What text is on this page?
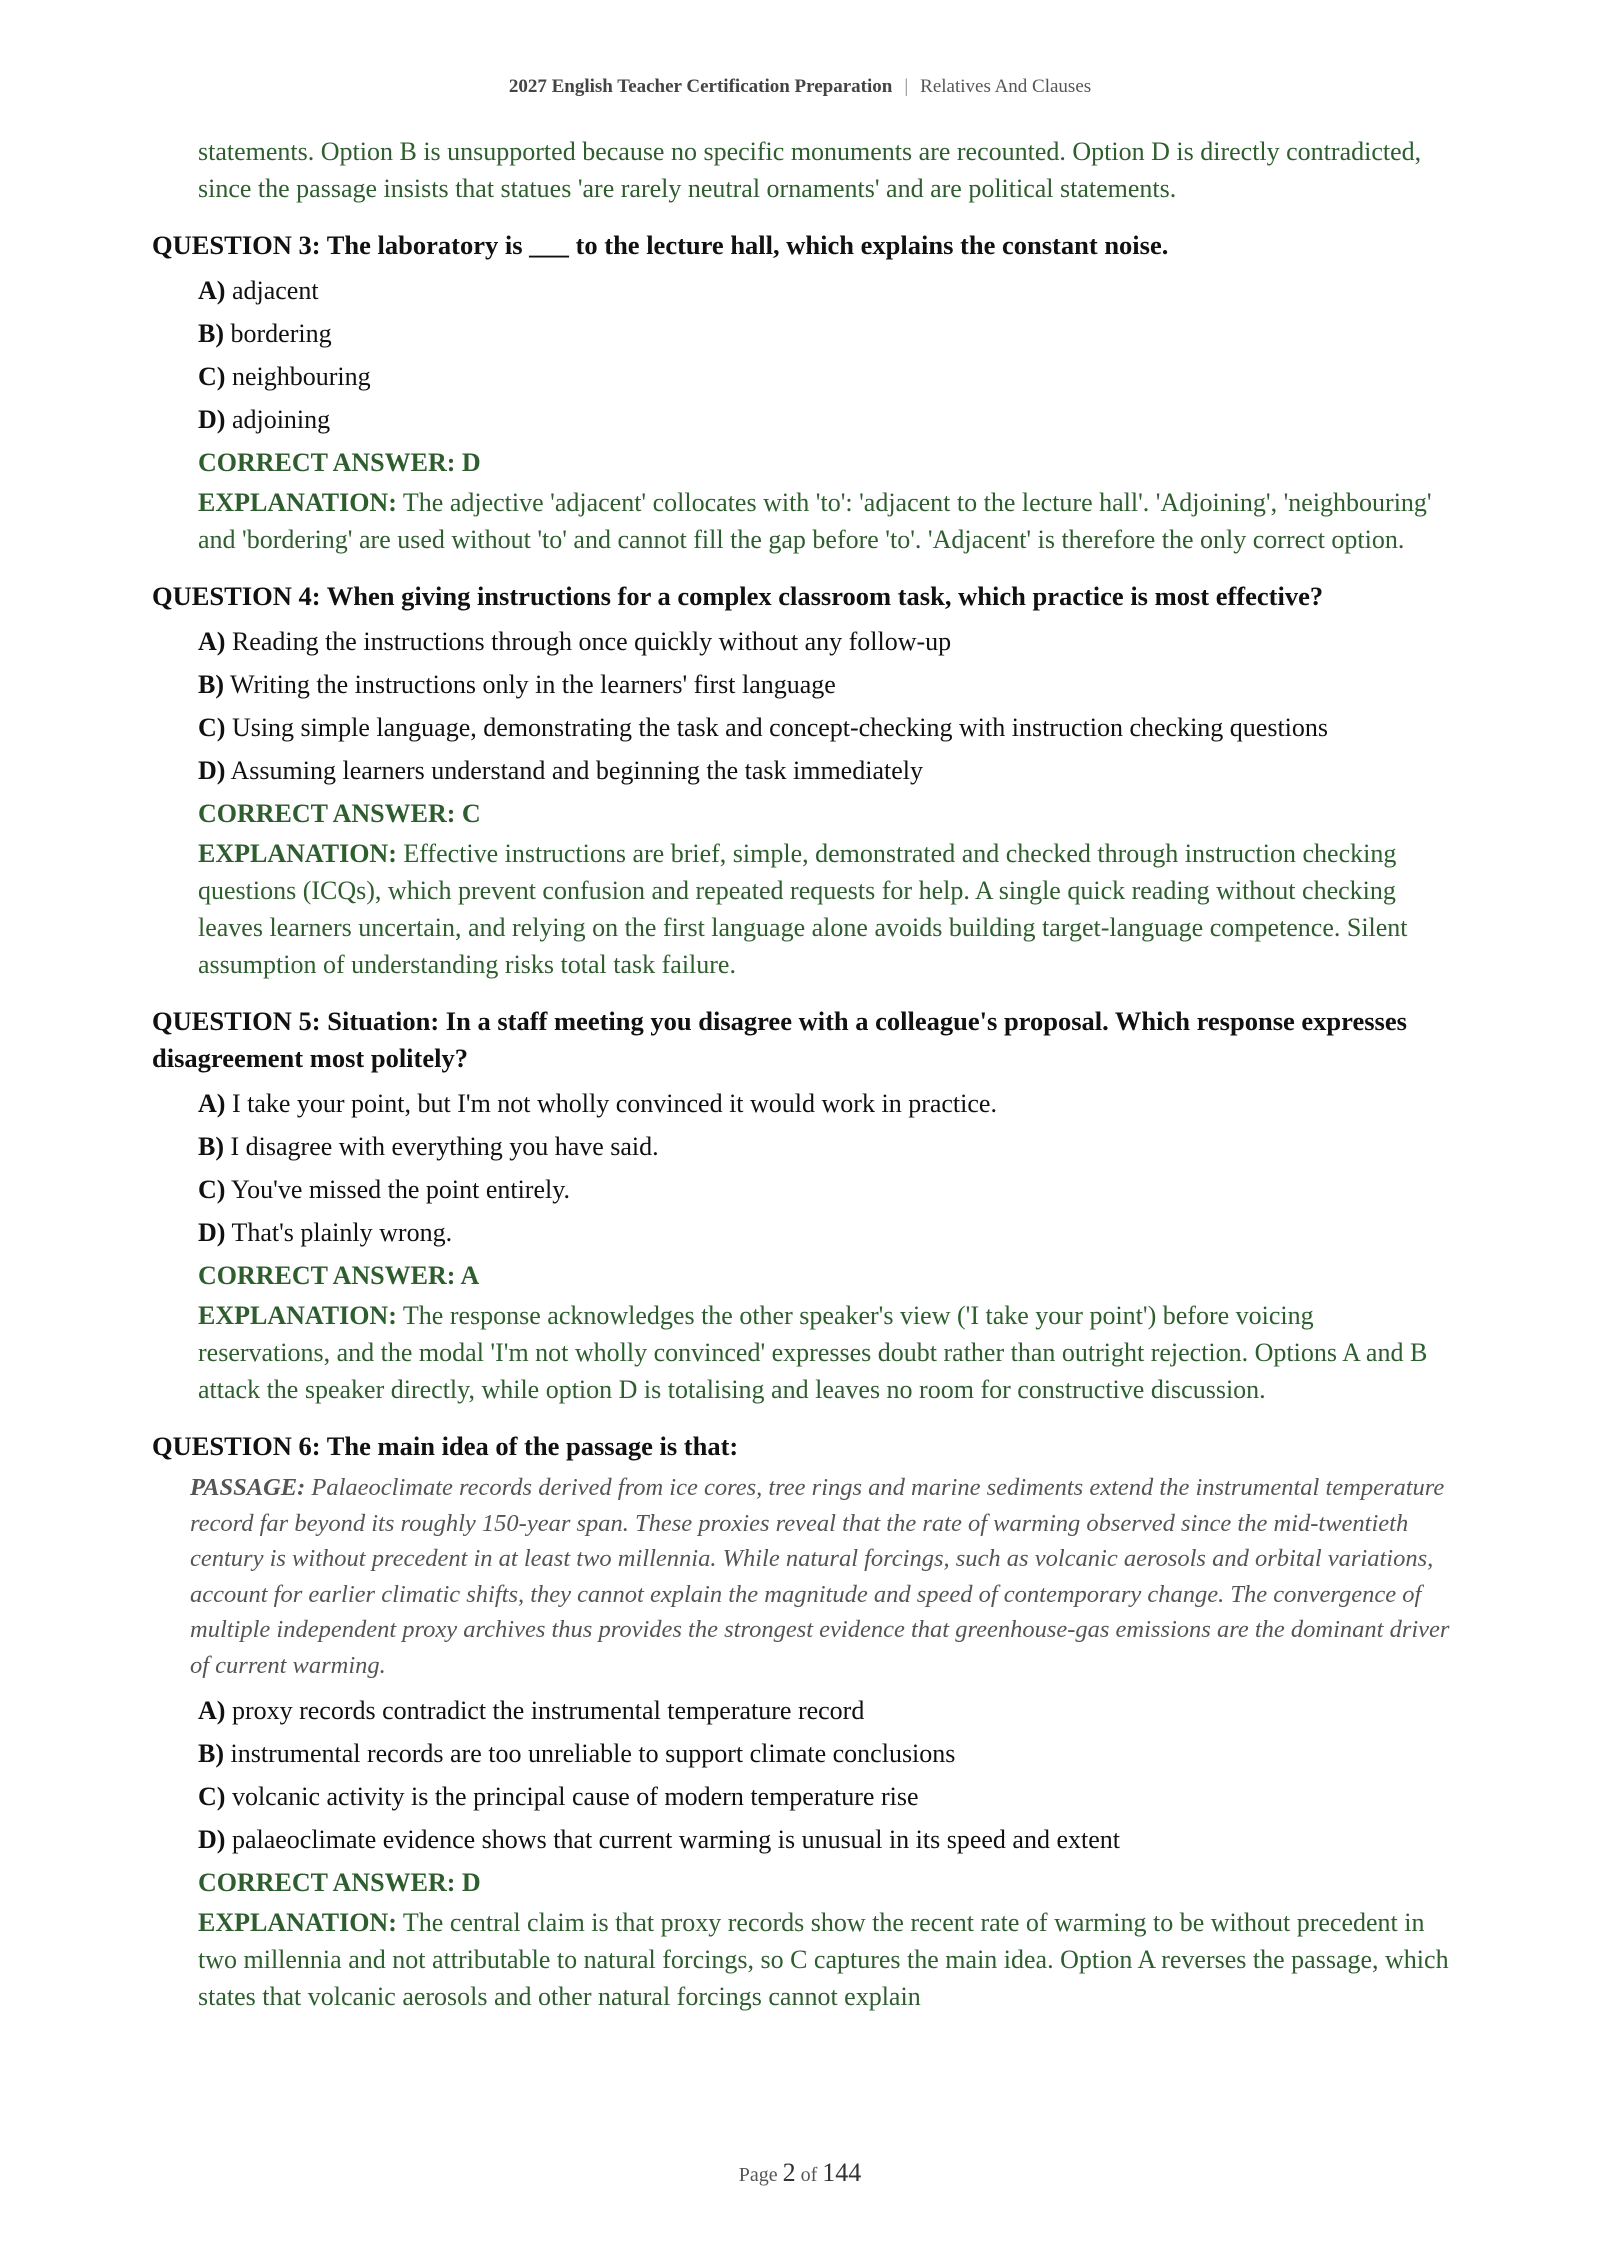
2027 English Teacher Certification Preparation | Relatives And Clauses
statements. Option B is unsupported because no specific monuments are recounted. Option D is directly contradicted, since the passage insists that statues 'are rarely neutral ornaments' and are political statements.
QUESTION 3: The laboratory is ___ to the lecture hall, which explains the constant noise.
A) adjacent
B) bordering
C) neighbouring
D) adjoining
CORRECT ANSWER: D
EXPLANATION: The adjective 'adjacent' collocates with 'to': 'adjacent to the lecture hall'. 'Adjoining', 'neighbouring' and 'bordering' are used without 'to' and cannot fill the gap before 'to'. 'Adjacent' is therefore the only correct option.
QUESTION 4: When giving instructions for a complex classroom task, which practice is most effective?
A) Reading the instructions through once quickly without any follow-up
B) Writing the instructions only in the learners' first language
C) Using simple language, demonstrating the task and concept-checking with instruction checking questions
D) Assuming learners understand and beginning the task immediately
CORRECT ANSWER: C
EXPLANATION: Effective instructions are brief, simple, demonstrated and checked through instruction checking questions (ICQs), which prevent confusion and repeated requests for help. A single quick reading without checking leaves learners uncertain, and relying on the first language alone avoids building target-language competence. Silent assumption of understanding risks total task failure.
QUESTION 5: Situation: In a staff meeting you disagree with a colleague's proposal. Which response expresses disagreement most politely?
A) I take your point, but I'm not wholly convinced it would work in practice.
B) I disagree with everything you have said.
C) You've missed the point entirely.
D) That's plainly wrong.
CORRECT ANSWER: A
EXPLANATION: The response acknowledges the other speaker's view ('I take your point') before voicing reservations, and the modal 'I'm not wholly convinced' expresses doubt rather than outright rejection. Options A and B attack the speaker directly, while option D is totalising and leaves no room for constructive discussion.
QUESTION 6: The main idea of the passage is that:
PASSAGE: Palaeoclimate records derived from ice cores, tree rings and marine sediments extend the instrumental temperature record far beyond its roughly 150-year span. These proxies reveal that the rate of warming observed since the mid-twentieth century is without precedent in at least two millennia. While natural forcings, such as volcanic aerosols and orbital variations, account for earlier climatic shifts, they cannot explain the magnitude and speed of contemporary change. The convergence of multiple independent proxy archives thus provides the strongest evidence that greenhouse-gas emissions are the dominant driver of current warming.
A) proxy records contradict the instrumental temperature record
B) instrumental records are too unreliable to support climate conclusions
C) volcanic activity is the principal cause of modern temperature rise
D) palaeoclimate evidence shows that current warming is unusual in its speed and extent
CORRECT ANSWER: D
EXPLANATION: The central claim is that proxy records show the recent rate of warming to be without precedent in two millennia and not attributable to natural forcings, so C captures the main idea. Option A reverses the passage, which states that volcanic aerosols and other natural forcings cannot explain
Page 2 of 144
